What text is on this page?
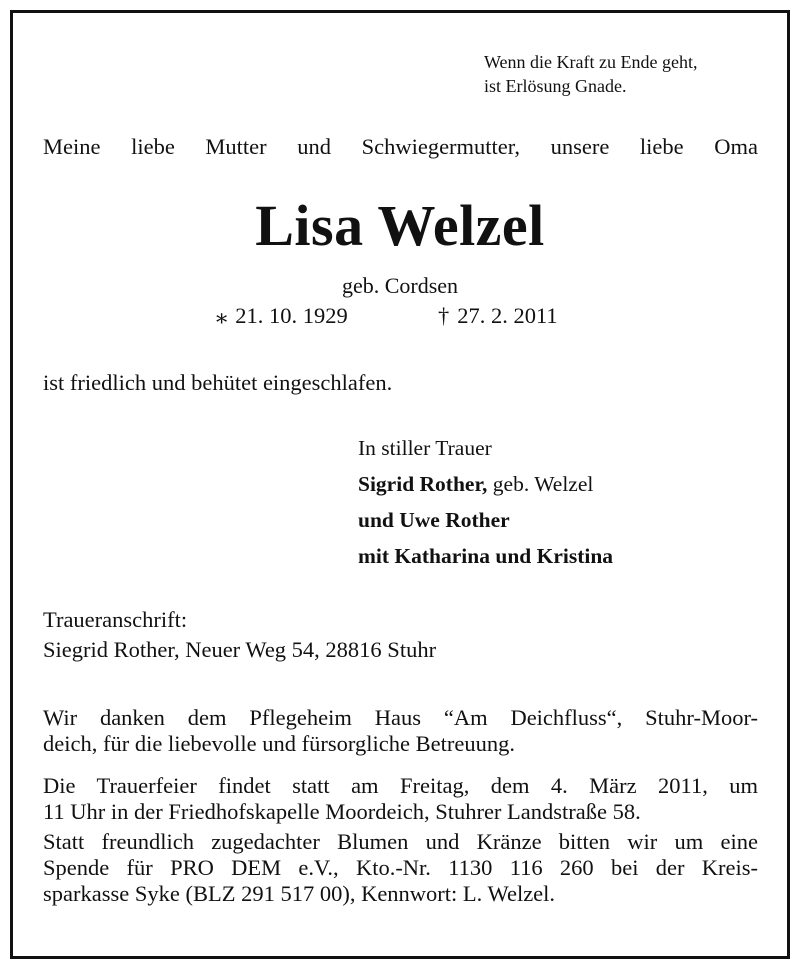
Wenn die Kraft zu Ende geht,
ist Erlösung Gnade.

Meine liebe Mutter und Schwiegermutter, unsere liebe Oma

Lisa Welzel

geb. Cordsen

⁎ 21. 10. 1929	† 27. 2. 2011

ist friedlich und behütet eingeschlafen.

In stiller Trauer
Sigrid Rother, geb. Welzel
und Uwe Rother
mit Katharina und Kristina
Traueranschrift:
Siegrid Rother, Neuer Weg 54, 28816 Stuhr
Wir danken dem Pflegeheim Haus “Am Deichfluss“, Stuhr-Moor-
deich, für die liebevolle und fürsorgliche Betreuung.
Die Trauerfeier findet statt am Freitag, dem 4. März 2011, um
11 Uhr in der Friedhofskapelle Moordeich, Stuhrer Landstraße 58.
Statt freundlich zugedachter Blumen und Kränze bitten wir um eine
Spende für PRO DEM e.V., Kto.-Nr. 1130 116 260 bei der Kreis-
sparkasse Syke (BLZ 291 517 00), Kennwort: L. Welzel.
